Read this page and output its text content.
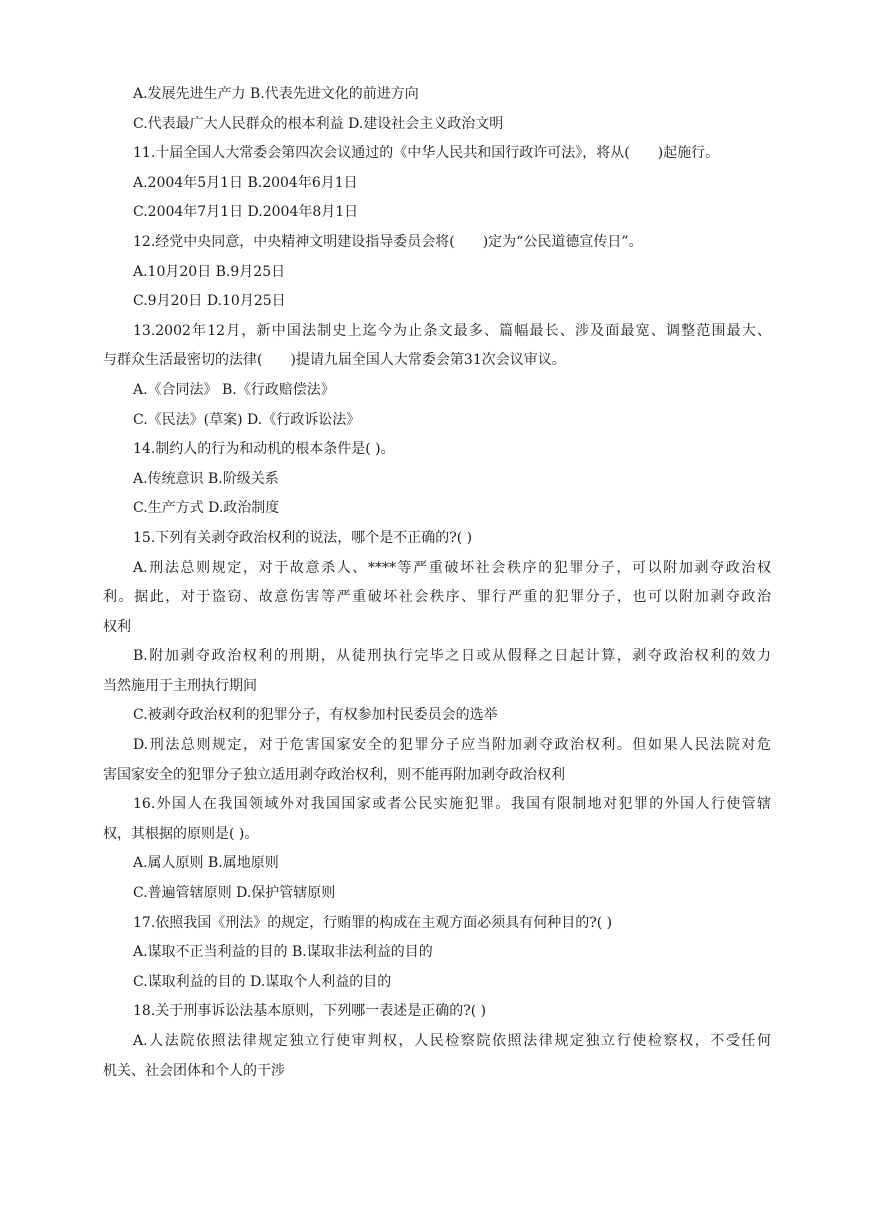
A.发展先进生产力 B.代表先进文化的前进方向
C.代表最广大人民群众的根本利益 D.建设社会主义政治文明
11.十届全国人大常委会第四次会议通过的《中华人民共和国行政许可法》，将从(　　)起施行。
A.2004年5月1日 B.2004年6月1日
C.2004年7月1日 D.2004年8月1日
12.经党中央同意，中央精神文明建设指导委员会将(　　)定为“公民道德宣传日”。
A.10月20日 B.9月25日
C.9月20日 D.10月25日
13.2002年12月，新中国法制史上迄今为止条文最多、篇幅最长、涉及面最宽、调整范围最大、
与群众生活最密切的法律(　　)提请九届全国人大常委会第31次会议审议。
A.《合同法》 B.《行政赔偿法》
C.《民法》(草案) D.《行政诉讼法》
14.制约人的行为和动机的根本条件是( )。
A.传统意识 B.阶级关系
C.生产方式 D.政治制度
15.下列有关剥夺政治权利的说法，哪个是不正确的?( )
A.刑法总则规定，对于故意杀人、****等严重破坏社会秩序的犯罪分子，可以附加剥夺政治权
利。据此，对于盗窃、故意伤害等严重破坏社会秩序、罪行严重的犯罪分子，也可以附加剥夺政治
权利
B.附加剥夺政治权利的刑期，从徒刑执行完毕之日或从假释之日起计算，剥夺政治权利的效力
当然施用于主刑执行期间
C.被剥夺政治权利的犯罪分子，有权参加村民委员会的选举
D.刑法总则规定，对于危害国家安全的犯罪分子应当附加剥夺政治权利。但如果人民法院对危
害国家安全的犯罪分子独立适用剥夺政治权利，则不能再附加剥夺政治权利
16.外国人在我国领域外对我国国家或者公民实施犯罪。我国有限制地对犯罪的外国人行使管辖
权，其根据的原则是( )。
A.属人原则 B.属地原则
C.普遍管辖原则 D.保护管辖原则
17.依照我国《刑法》的规定，行贿罪的构成在主观方面必须具有何种目的?( )
A.谋取不正当利益的目的 B.谋取非法利益的目的
C.谋取利益的目的 D.谋取个人利益的目的
18.关于刑事诉讼法基本原则，下列哪一表述是正确的?( )
A.人法院依照法律规定独立行使审判权，人民检察院依照法律规定独立行使检察权，不受任何
机关、社会团体和个人的干涉
